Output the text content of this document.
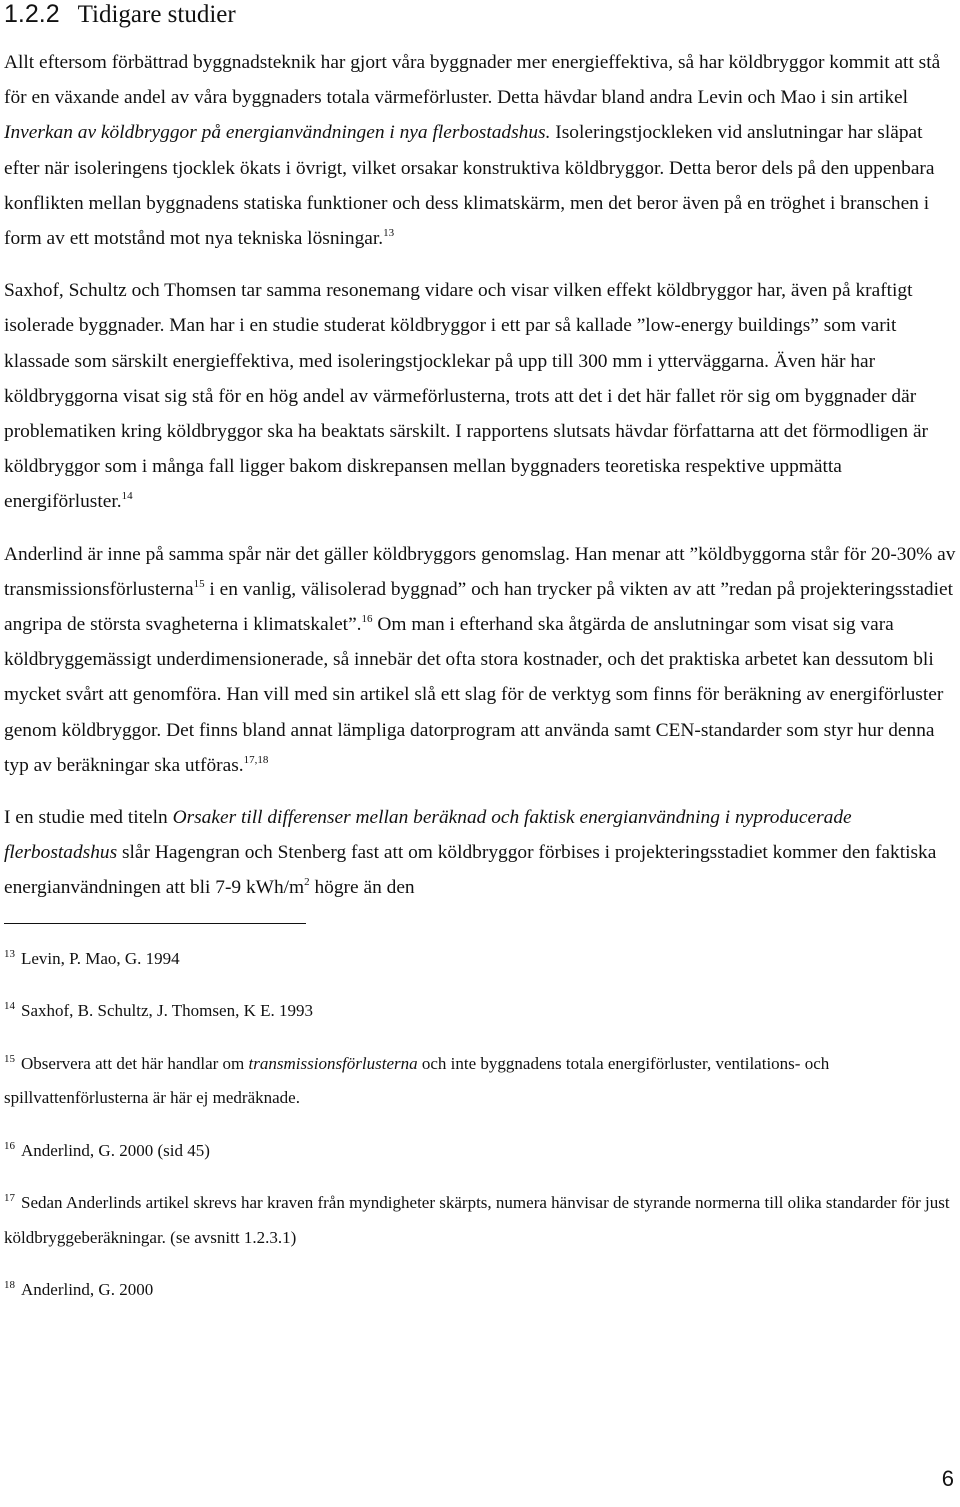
1.2.2 Tidigare studier

Allt eftersom förbättrad byggnadsteknik har gjort våra byggnader mer energieffektiva, så har köldbryggor kommit att stå för en växande andel av våra byggnaders totala värmeförluster. Detta hävdar bland andra Levin och Mao i sin artikel Inverkan av köldbryggor på energianvändningen i nya flerbostadshus. Isoleringstjockleken vid anslutningar har släpat efter när isoleringens tjocklek ökats i övrigt, vilket orsakar konstruktiva köldbryggor. Detta beror dels på den uppenbara konflikten mellan byggnadens statiska funktioner och dess klimatskärm, men det beror även på en tröghet i branschen i form av ett motstånd mot nya tekniska lösningar.$^{13}$

Saxhof, Schultz och Thomsen tar samma resonemang vidare och visar vilken effekt köldbryggor har, även på kraftigt isolerade byggnader. Man har i en studie studerat köldbryggor i ett par så kallade ”low-energy buildings” som varit klassade som särskilt energieffektiva, med isoleringstjocklekar på upp till 300 mm i ytterväggarna. Även här har köldbryggorna visat sig stå för en hög andel av värmeförlusterna, trots att det i det här fallet rör sig om byggnader där problematiken kring köldbryggor ska ha beaktats särskilt. I rapportens slutsats hävdar författarna att det förmodligen är köldbryggor som i många fall ligger bakom diskrepansen mellan byggnaders teoretiska respektive uppmätta energiförluster.$^{14}$

Anderlind är inne på samma spår när det gäller köldbryggors genomslag. Han menar att ”köldbyggorna står för 20-30% av transmissionsförlusterna$^{15}$ i en vanlig, välisolerad byggnad” och han trycker på vikten av att ”redan på projekteringsstadiet angripa de största svagheterna i klimatskalet”.$^{16}$ Om man i efterhand ska åtgärda de anslutningar som visat sig vara köldbryggemässigt underdimensionerade, så innebär det ofta stora kostnader, och det praktiska arbetet kan dessutom bli mycket svårt att genomföra. Han vill med sin artikel slå ett slag för de verktyg som finns för beräkning av energiförluster genom köldbryggor. Det finns bland annat lämpliga datorprogram att använda samt CEN-standarder som styr hur denna typ av beräkningar ska utföras.$^{17,18}$

I en studie med titeln Orsaker till differenser mellan beräknad och faktisk energianvändning i nyproducerade flerbostadshus slår Hagengran och Stenberg fast att om köldbryggor förbises i projekteringsstadiet kommer den faktiska energianvändningen att bli 7-9 kWh/$m^2$ högre än den

$^{13}$ Levin, P. Mao, G. 1994
$^{14}$ Saxhof, B. Schultz, J. Thomsen, K E. 1993
$^{15}$ Observera att det här handlar om transmissionsförlusterna och inte byggnadens totala energiförluster, ventilations- och spillvattenförlusterna är här ej medräknade.
$^{16}$ Anderlind, G. 2000 (sid 45)
$^{17}$ Sedan Anderlinds artikel skrevs har kraven från myndigheter skärpts, numera hänvisar de styrande normerna till olika standarder för just köldbryggeberäkningar. (se avsnitt 1.2.3.1)
$^{18}$ Anderlind, G. 2000
6
